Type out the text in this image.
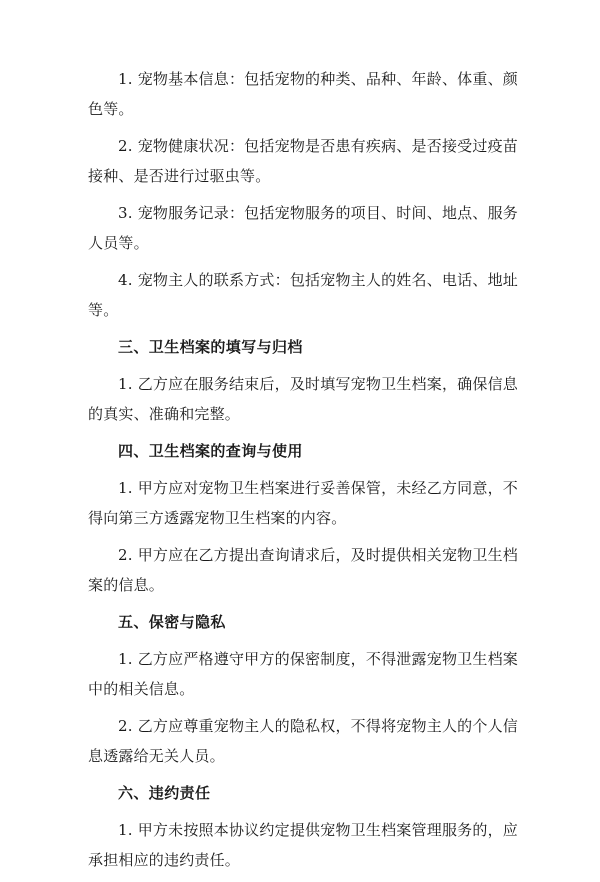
1. 宠物基本信息：包括宠物的种类、品种、年龄、体重、颜色等。

2. 宠物健康状况：包括宠物是否患有疾病、是否接受过疫苗接种、是否进行过驱虫等。

3. 宠物服务记录：包括宠物服务的项目、时间、地点、服务人员等。

4. 宠物主人的联系方式：包括宠物主人的姓名、电话、地址等。

三、卫生档案的填写与归档

1. 乙方应在服务结束后，及时填写宠物卫生档案，确保信息的真实、准确和完整。

四、卫生档案的查询与使用

1. 甲方应对宠物卫生档案进行妥善保管，未经乙方同意，不得向第三方透露宠物卫生档案的内容。

2. 甲方应在乙方提出查询请求后，及时提供相关宠物卫生档案的信息。

五、保密与隐私

1. 乙方应严格遵守甲方的保密制度，不得泄露宠物卫生档案中的相关信息。

2. 乙方应尊重宠物主人的隐私权，不得将宠物主人的个人信息透露给无关人员。

六、违约责任

1. 甲方未按照本协议约定提供宠物卫生档案管理服务的，应承担相应的违约责任。
